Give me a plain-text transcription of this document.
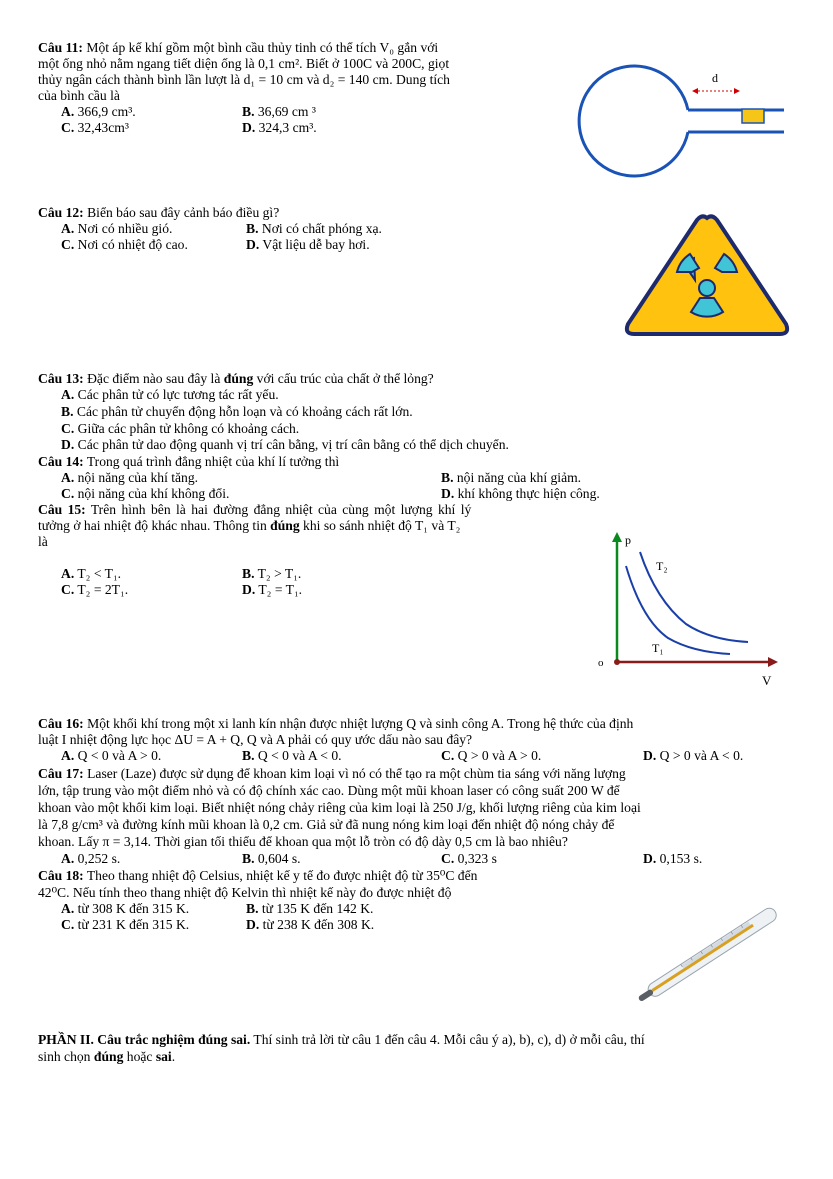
Câu 11: Một áp kế khí gồm một bình cầu thủy tinh có thể tích V₀ gắn với
một ống nhỏ nằm ngang tiết diện ống là 0,1 cm². Biết ở 100C và 200C, giọt
thủy ngân cách thành bình lần lượt là d₁ = 10 cm và d₂ = 140 cm. Dung tích
của bình cầu là
A. 366,9 cm³.	B. 36,69 cm ³
C. 32,43cm³	D. 324,3 cm³.
d
Câu 12: Biển báo sau đây cảnh báo điều gì?
A. Nơi có nhiều gió.	B. Nơi có chất phóng xạ.
C. Nơi có nhiệt độ cao.	D. Vật liệu dễ bay hơi.
Câu 13: Đặc điểm nào sau đây là đúng với cấu trúc của chất ở thể lỏng?
A. Các phân tử có lực tương tác rất yếu.
B. Các phân tử chuyển động hỗn loạn và có khoảng cách rất lớn.
C. Giữa các phân tử không có khoảng cách.
D. Các phân tử dao động quanh vị trí cân bằng, vị trí cân bằng có thể dịch chuyển.
Câu 14: Trong quá trình đẳng nhiệt của khí lí tưởng thì
A. nội năng của khí tăng.	B. nội năng của khí giảm.
C. nội năng của khí không đổi.	D. khí không thực hiện công.
Câu 15: Trên hình bên là hai đường đẳng nhiệt của cùng một lượng khí lý
tưởng ở hai nhiệt độ khác nhau. Thông tin đúng khi so sánh nhiệt độ T₁ và T₂
là
A. T₂ < T₁.	B. T₂ > T₁.
C. T₂ = 2T₁.	D. T₂ = T₁.
p
V
o
T₂
T₁
Câu 16: Một khối khí trong một xi lanh kín nhận được nhiệt lượng Q và sinh công A. Trong hệ thức của định
luật I nhiệt động lực học ΔU = A + Q, Q và A phải có quy ước dấu nào sau đây?
A. Q < 0 và A > 0.	B. Q < 0 và A < 0.	C. Q > 0 và A > 0.	D. Q > 0 và A < 0.
Câu 17: Laser (Laze) được sử dụng để khoan kim loại vì nó có thể tạo ra một chùm tia sáng với năng lượng
lớn, tập trung vào một điểm nhỏ và có độ chính xác cao. Dùng một mũi khoan laser có công suất 200 W để
khoan vào một khối kim loại. Biết nhiệt nóng chảy riêng của kim loại là 250 J/g, khối lượng riêng của kim loại
là 7,8 g/cm³ và đường kính mũi khoan là 0,2 cm. Giả sử đã nung nóng kim loại đến nhiệt độ nóng chảy để
khoan. Lấy π = 3,14. Thời gian tối thiểu để khoan qua một lỗ tròn có độ dày 0,5 cm là bao nhiêu?
A. 0,252 s.	B. 0,604 s.	C. 0,323 s	D. 0,153 s.
Câu 18: Theo thang nhiệt độ Celsius, nhiệt kế y tế đo được nhiệt độ từ 35⁰C đến
42⁰C. Nếu tính theo thang nhiệt độ Kelvin thì nhiệt kế này đo được nhiệt độ
A. từ 308 K đến 315 K.	B. từ 135 K đến 142 K.
C. từ 231 K đến 315 K.	D. từ 238 K đến 308 K.
PHẦN II. Câu trắc nghiệm đúng sai. Thí sinh trả lời từ câu 1 đến câu 4. Mỗi câu ý a), b), c), d) ở mỗi câu, thí
sinh chọn đúng hoặc sai.
